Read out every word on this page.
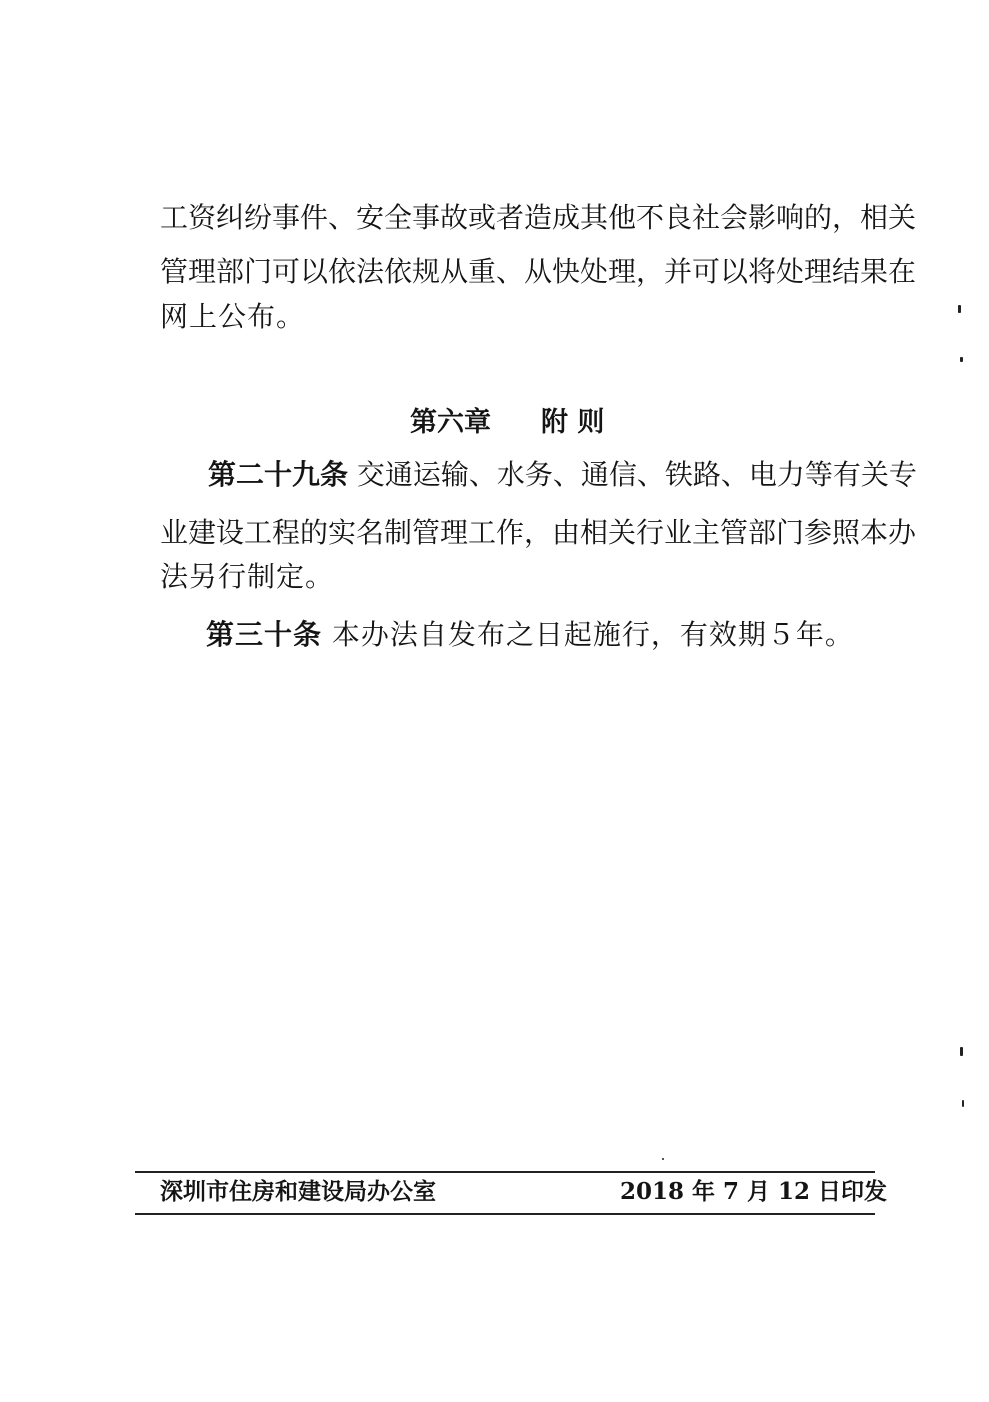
工资纠纷事件、安全事故或者造成其他不良社会影响的，相关
管理部门可以依法依规从重、从快处理，并可以将处理结果在
网上公布。
第六章 附 则
第二十九条 交通运输、水务、通信、铁路、电力等有关专
业建设工程的实名制管理工作，由相关行业主管部门参照本办
法另行制定。
第三十条 本办法自发布之日起施行，有效期５年。
深圳市住房和建设局办公室	2018 年 7 月 12 日印发
